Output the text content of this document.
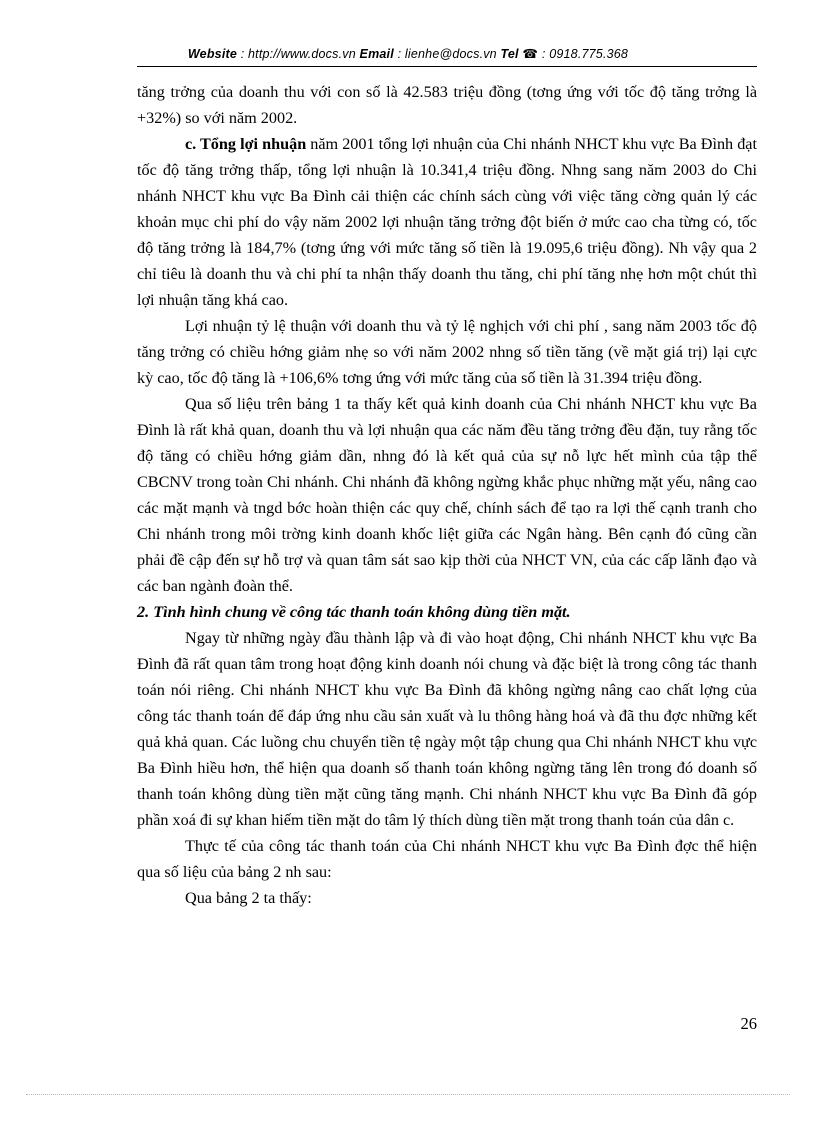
Website : http://www.docs.vn Email : lienhe@docs.vn Tel ☎ : 0918.775.368

tăng trởng của doanh thu với con số là 42.583 triệu đồng (tơng ứng với tốc độ tăng trởng là +32%) so với năm 2002.

c. Tổng lợi nhuận năm 2001 tổng lợi nhuận của Chi nhánh NHCT khu vực Ba Đình đạt tốc độ tăng trởng thấp, tổng lợi nhuận là 10.341,4 triệu đồng. Nhng sang năm 2003 do Chi nhánh NHCT khu vực Ba Đình cải thiện các chính sách cùng với việc tăng cờng quản lý các khoản mục chi phí do vậy năm 2002 lợi nhuận tăng trởng đột biến ở mức cao cha từng có, tốc độ tăng trởng là 184,7% (tơng ứng với mức tăng số tiền là 19.095,6 triệu đồng). Nh vậy qua 2 chỉ tiêu là doanh thu và chi phí ta nhận thấy doanh thu tăng, chi phí tăng nhẹ hơn một chút thì lợi nhuận tăng khá cao.

Lợi nhuận tỷ lệ thuận với doanh thu và tỷ lệ nghịch với chi phí , sang năm 2003 tốc độ tăng trởng có chiều hớng giảm nhẹ so với năm 2002 nhng số tiền tăng (về mặt giá trị) lại cực kỳ cao, tốc độ tăng là +106,6% tơng ứng với mức tăng của số tiền là 31.394 triệu đồng.

Qua số liệu trên bảng 1 ta thấy kết quả kinh doanh của Chi nhánh NHCT khu vực Ba Đình là rất khả quan, doanh thu và lợi nhuận qua các năm đều tăng trởng đều đặn, tuy rằng tốc độ tăng có chiều hớng giảm dần, nhng đó là kết quả của sự nỗ lực hết mình của tập thể CBCNV trong toàn Chi nhánh. Chi nhánh đã không ngừng khắc phục những mặt yếu, nâng cao các mặt mạnh và tngd bớc hoàn thiện các quy chế, chính sách để tạo ra lợi thế cạnh tranh cho Chi nhánh trong môi trờng kinh doanh khốc liệt giữa các Ngân hàng. Bên cạnh đó cũng cần phải đề cập đến sự hỗ trợ và quan tâm sát sao kịp thời của NHCT VN, của các cấp lãnh đạo và các ban ngành đoàn thể.

2. Tình hình chung về công tác thanh toán không dùng tiền mặt.

Ngay từ những ngày đầu thành lập và đi vào hoạt động, Chi nhánh NHCT khu vực Ba Đình đã rất quan tâm trong hoạt động kinh doanh nói chung và đặc biệt là trong công tác thanh toán nói riêng. Chi nhánh NHCT khu vực Ba Đình đã không ngừng nâng cao chất lợng của công tác thanh toán để đáp ứng nhu cầu sản xuất và lu thông hàng hoá và đã thu đợc những kết quả khả quan. Các luồng chu chuyển tiền tệ ngày một tập chung qua Chi nhánh NHCT khu vực Ba Đình hiều hơn, thể hiện qua doanh số thanh toán không ngừng tăng lên trong đó doanh số thanh toán không dùng tiền mặt cũng tăng mạnh. Chi nhánh NHCT khu vực Ba Đình đã góp phần xoá đi sự khan hiếm tiền mặt do tâm lý thích dùng tiền mặt trong thanh toán của dân c.

Thực tế của công tác thanh toán của Chi nhánh NHCT khu vực Ba Đình đợc thể hiện qua số liệu của bảng 2 nh sau:

Qua bảng 2 ta thấy:

26
